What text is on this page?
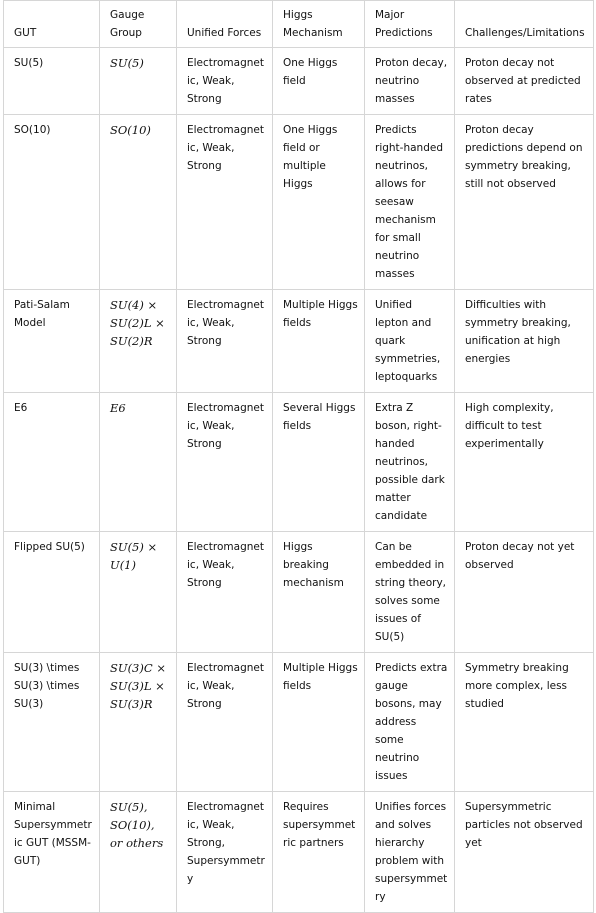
GUT	Gauge Group	Unified Forces	Higgs Mechanism	Major Predictions	Challenges/Limitations
SU(5)	SU(5)	Electromagnetic, Weak, Strong	One Higgs field	Proton decay, neutrino masses	Proton decay not observed at predicted rates
SO(10)	SO(10)	Electromagnetic, Weak, Strong	One Higgs field or multiple Higgs	Predicts right-handed neutrinos, allows for seesaw mechanism for small neutrino masses	Proton decay predictions depend on symmetry breaking, still not observed
Pati-Salam Model	SU(4) × SU(2)L × SU(2)R	Electromagnetic, Weak, Strong	Multiple Higgs fields	Unified lepton and quark symmetries, leptoquarks	Difficulties with symmetry breaking, unification at high energies
E6	E6	Electromagnetic, Weak, Strong	Several Higgs fields	Extra Z boson, right-handed neutrinos, possible dark matter candidate	High complexity, difficult to test experimentally
Flipped SU(5)	SU(5) × U(1)	Electromagnetic, Weak, Strong	Higgs breaking mechanism	Can be embedded in string theory, solves some issues of SU(5)	Proton decay not yet observed
SU(3) \times SU(3) \times SU(3)	SU(3)C × SU(3)L × SU(3)R	Electromagnetic, Weak, Strong	Multiple Higgs fields	Predicts extra gauge bosons, may address some neutrino issues	Symmetry breaking more complex, less studied
Minimal Supersymmetric GUT (MSSM-GUT)	SU(5), SO(10), or others	Electromagnetic, Weak, Strong, Supersymmetry	Requires supersymmetric partners	Unifies forces and solves hierarchy problem with supersymmetry	Supersymmetric particles not observed yet
